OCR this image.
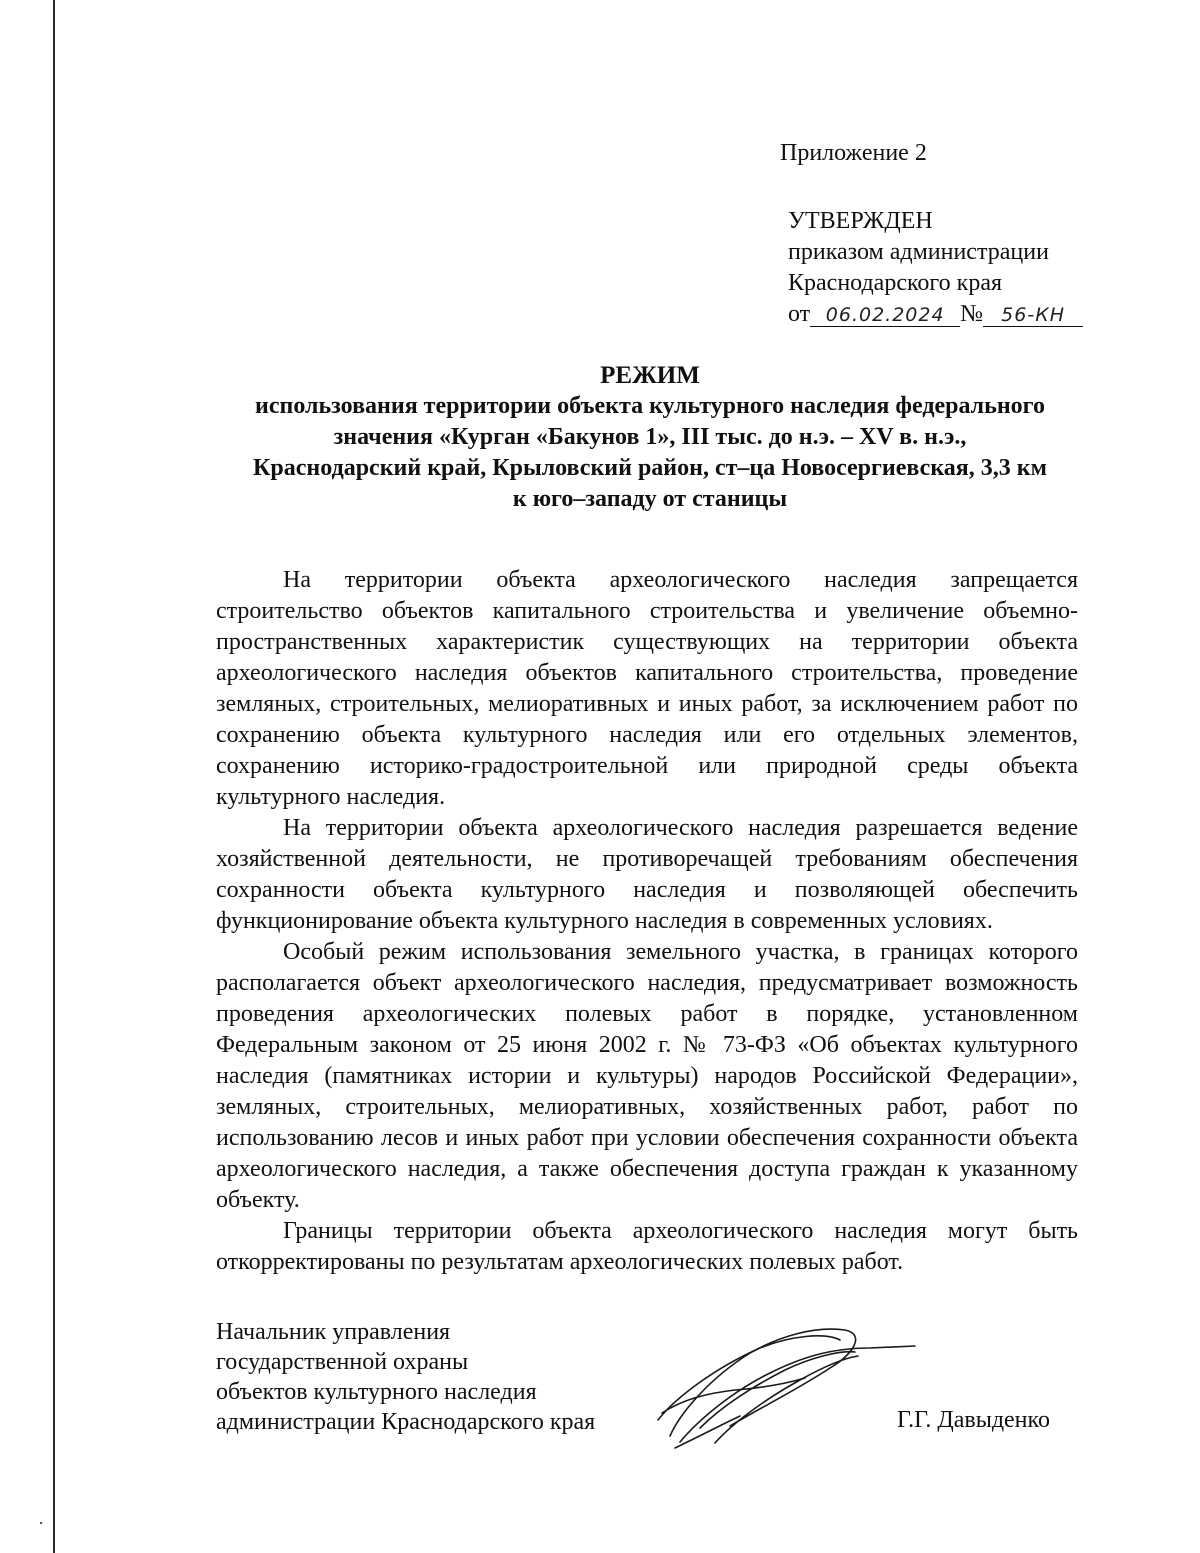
Приложение 2
УТВЕРЖДЕН
приказом администрации
Краснодарского края
от 06.02.2024 № 56-КН
РЕЖИМ
использования территории объекта культурного наследия федерального
значения «Курган «Бакунов 1», III тыс. до н.э. – XV в. н.э.,
Краснодарский край, Крыловский район, ст–ца Новосергиевская, 3,3 км
к юго–западу от станицы

На территории объекта археологического наследия запрещается строительство объектов капитального строительства и увеличение объемно-пространственных характеристик существующих на территории объекта археологического наследия объектов капитального строительства, проведение земляных, строительных, мелиоративных и иных работ, за исключением работ по сохранению объекта культурного наследия или его отдельных элементов, сохранению историко-градостроительной или природной среды объекта культурного наследия.

На территории объекта археологического наследия разрешается ведение хозяйственной деятельности, не противоречащей требованиям обеспечения сохранности объекта культурного наследия и позволяющей обеспечить функционирование объекта культурного наследия в современных условиях.

Особый режим использования земельного участка, в границах которого располагается объект археологического наследия, предусматривает возможность проведения археологических полевых работ в порядке, установленном Федеральным законом от 25 июня 2002 г. № 73-ФЗ «Об объектах культурного наследия (памятниках истории и культуры) народов Российской Федерации», земляных, строительных, мелиоративных, хозяйственных работ, работ по использованию лесов и иных работ при условии обеспечения сохранности объекта археологического наследия, а также обеспечения доступа граждан к указанному объекту.

Границы территории объекта археологического наследия могут быть откорректированы по результатам археологических полевых работ.

Начальник управления
государственной охраны
объектов культурного наследия
администрации Краснодарского края	Г.Г. Давыденко
